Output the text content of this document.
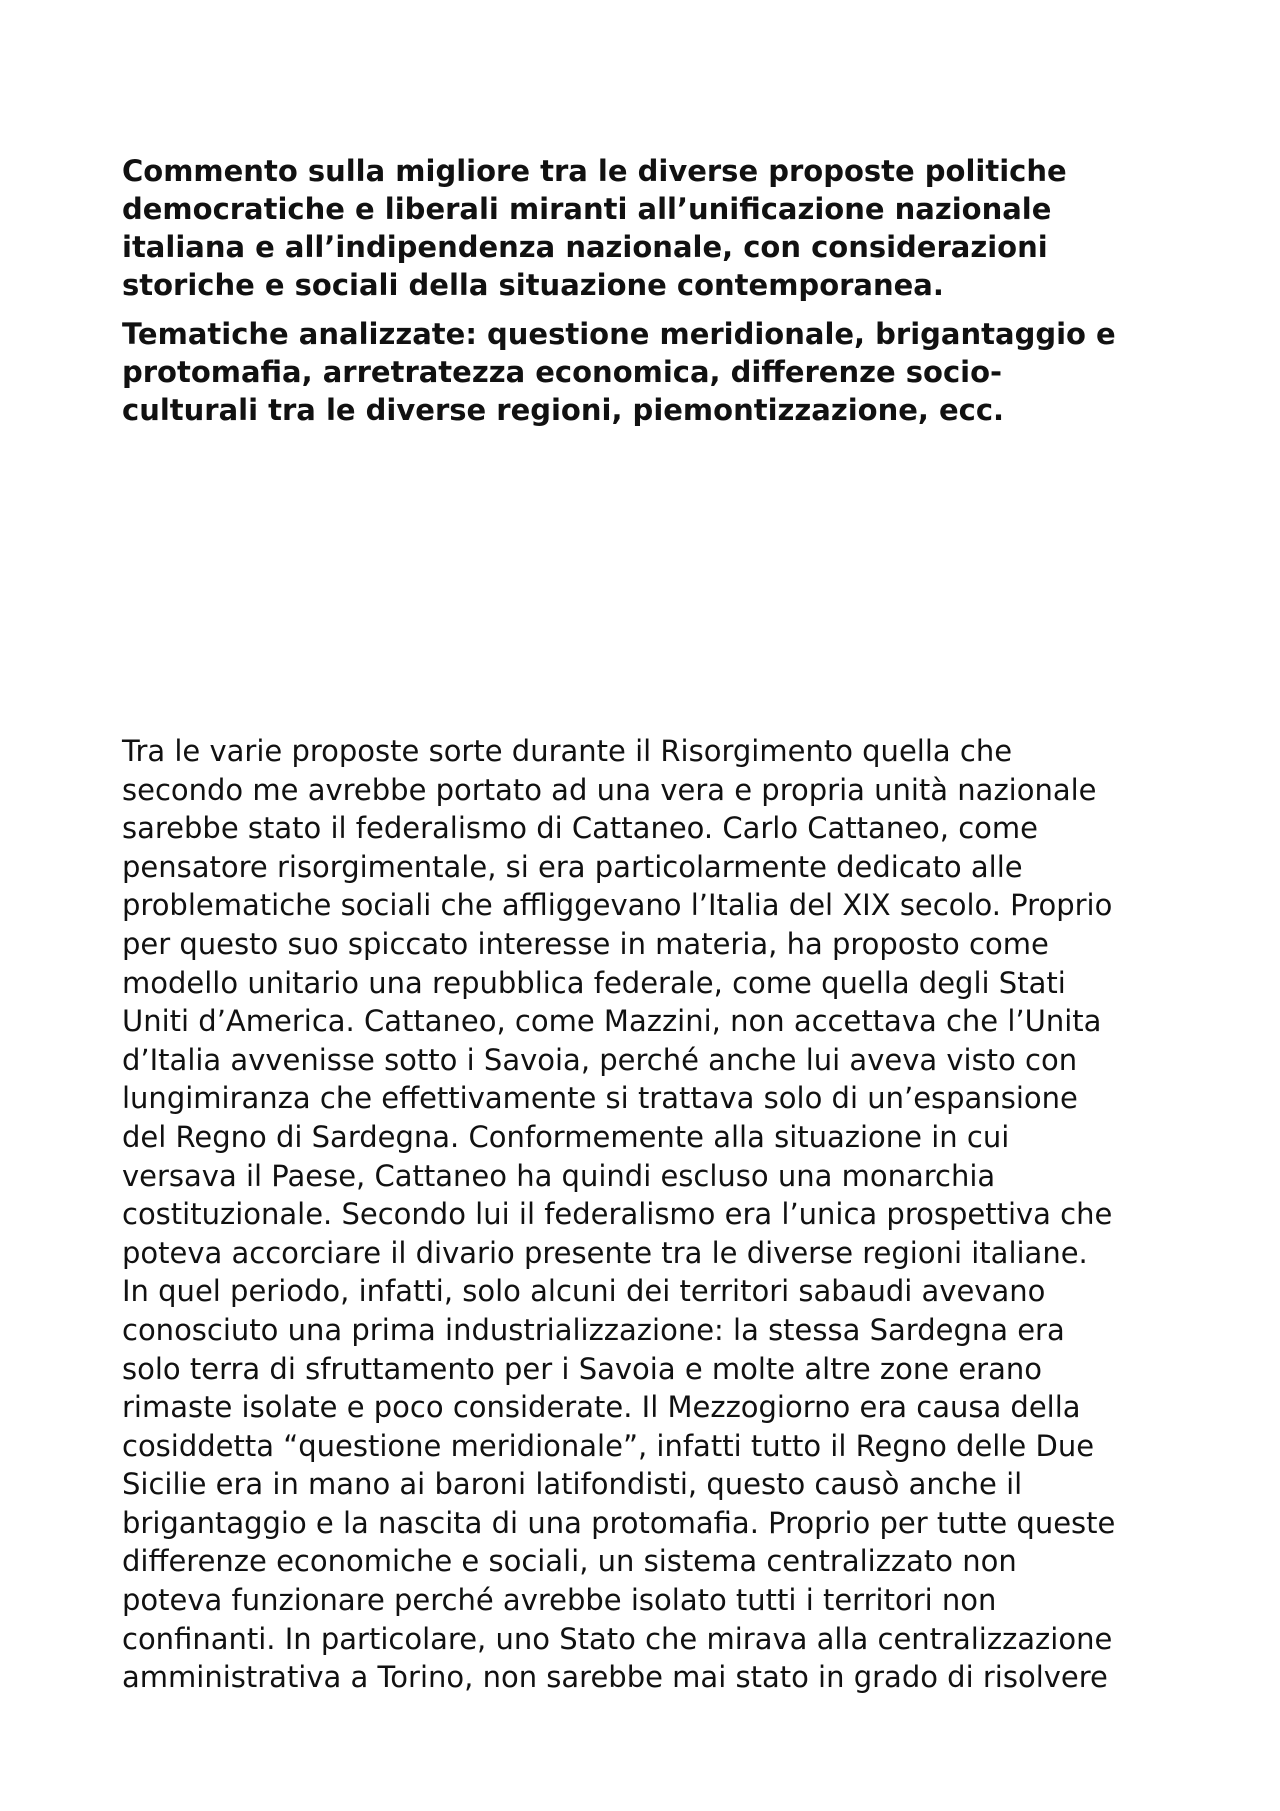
Commento sulla migliore tra le diverse proposte politiche

democratiche e liberali miranti all’unificazione nazionale

italiana e all’indipendenza nazionale, con considerazioni

storiche e sociali della situazione contemporanea.

Tematiche analizzate: questione meridionale, brigantaggio e

protomafia, arretratezza economica, differenze socio-

culturali tra le diverse regioni, piemontizzazione, ecc.

Tra le varie proposte sorte durante il Risorgimento quella che

secondo me avrebbe portato ad una vera e propria unità nazionale

sarebbe stato il federalismo di Cattaneo. Carlo Cattaneo, come

pensatore risorgimentale, si era particolarmente dedicato alle

problematiche sociali che affliggevano l’Italia del XIX secolo. Proprio

per questo suo spiccato interesse in materia, ha proposto come

modello unitario una repubblica federale, come quella degli Stati

Uniti d’America. Cattaneo, come Mazzini, non accettava che l’Unita

d’Italia avvenisse sotto i Savoia, perché anche lui aveva visto con

lungimiranza che effettivamente si trattava solo di un’espansione

del Regno di Sardegna. Conformemente alla situazione in cui

versava il Paese, Cattaneo ha quindi escluso una monarchia

costituzionale. Secondo lui il federalismo era l’unica prospettiva che

poteva accorciare il divario presente tra le diverse regioni italiane.

In quel periodo, infatti, solo alcuni dei territori sabaudi avevano

conosciuto una prima industrializzazione: la stessa Sardegna era

solo terra di sfruttamento per i Savoia e molte altre zone erano

rimaste isolate e poco considerate. Il Mezzogiorno era causa della

cosiddetta “questione meridionale”, infatti tutto il Regno delle Due

Sicilie era in mano ai baroni latifondisti, questo causò anche il

brigantaggio e la nascita di una protomafia. Proprio per tutte queste

differenze economiche e sociali, un sistema centralizzato non

poteva funzionare perché avrebbe isolato tutti i territori non

confinanti. In particolare, uno Stato che mirava alla centralizzazione

amministrativa a Torino, non sarebbe mai stato in grado di risolvere
